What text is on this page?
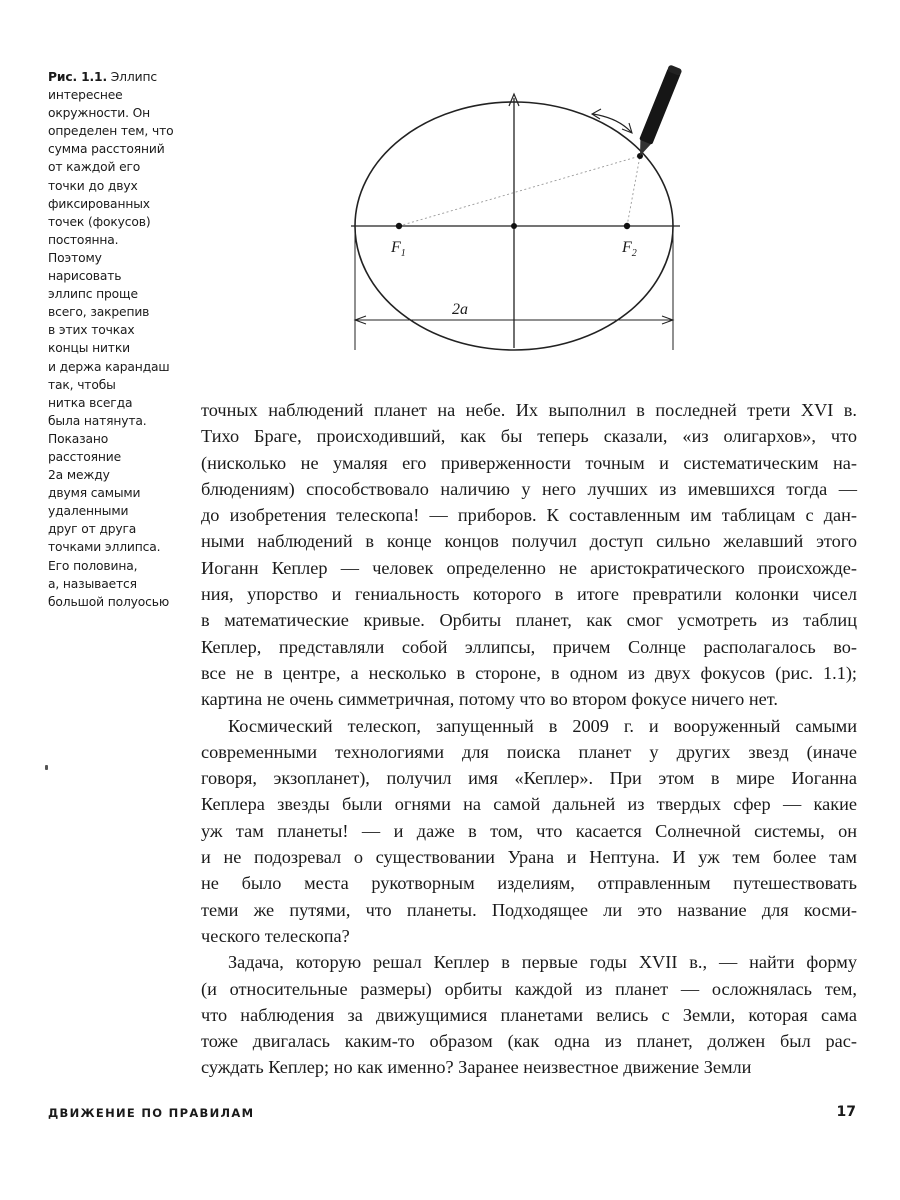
Рис. 1.1. Эллипс
интереснее
окружности. Он
определен тем, что
сумма расстояний
от каждой его
точки до двух
фиксированных
точек (фокусов)
постоянна.
Поэтому
нарисовать
эллипс проще
всего, закрепив
в этих точках
концы нитки
и держа карандаш
так, чтобы
нитка всегда
была натянута.
Показано
расстояние
2a между
двумя самыми
удаленными
друг от друга
точками эллипса.
Его половина,
a, называется
большой полуосью
$F_1$	$F_2$
2a

точных наблюдений планет на небе. Их выполнил в последней трети XVI в.
Тихо Браге, происходивший, как бы теперь сказали, «из олигархов», что
(нисколько не умаляя его приверженности точным и систематическим на-
блюдениям) способствовало наличию у него лучших из имевшихся тогда —
до изобретения телескопа! — приборов. К составленным им таблицам с дан-
ными наблюдений в конце концов получил доступ сильно желавший этого
Иоганн Кеплер — человек определенно не аристократического происхожде-
ния, упорство и гениальность которого в итоге превратили колонки чисел
в математические кривые. Орбиты планет, как смог усмотреть из таблиц
Кеплер, представляли собой эллипсы, причем Солнце располагалось во-
все не в центре, а несколько в стороне, в одном из двух фокусов (рис. 1.1);
картина не очень симметричная, потому что во втором фокусе ничего нет.

Космический телескоп, запущенный в 2009 г. и вооруженный самыми
современными технологиями для поиска планет у других звезд (иначе
говоря, экзопланет), получил имя «Кеплер». При этом в мире Иоганна
Кеплера звезды были огнями на самой дальней из твердых сфер — какие
уж там планеты! — и даже в том, что касается Солнечной системы, он
и не подозревал о существовании Урана и Нептуна. И уж тем более там
не было места рукотворным изделиям, отправленным путешествовать
теми же путями, что планеты. Подходящее ли это название для косми-
ческого телескопа?

Задача, которую решал Кеплер в первые годы XVII в., — найти форму
(и относительные размеры) орбиты каждой из планет — осложнялась тем,
что наблюдения за движущимися планетами велись с Земли, которая сама
тоже двигалась каким-то образом (как одна из планет, должен был рас-
суждать Кеплер; но как именно? Заранее неизвестное движение Земли

ДВИЖЕНИЕ ПО ПРАВИЛАМ	17
